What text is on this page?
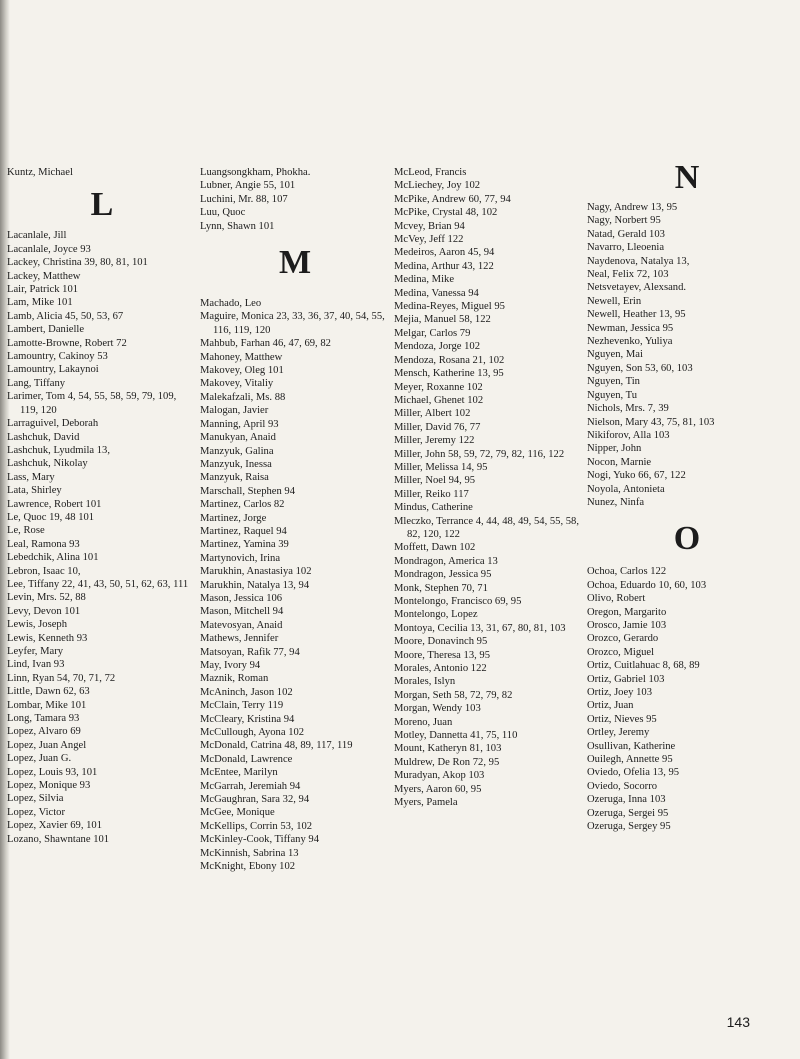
Kuntz, Michael
L
Lacanlale, Jill
Lacanlale, Joyce 93
Lackey, Christina 39, 80, 81, 101
Lackey, Matthew
Lair, Patrick 101
Lam, Mike 101
Lamb, Alicia 45, 50, 53, 67
Lambert, Danielle
Lamotte-Browne, Robert 72
Lamountry, Cakinoy 53
Lamountry, Lakaynoi
Lang, Tiffany
Larimer, Tom 4, 54, 55, 58, 59, 79, 109, 119, 120
Larraguivel, Deborah
Lashchuk, David
Lashchuk, Lyudmila 13,
Lashchuk, Nikolay
Lass, Mary
Lata, Shirley
Lawrence, Robert 101
Le, Quoc 19, 48 101
Le, Rose
Leal, Ramona 93
Lebedchik, Alina 101
Lebron, Isaac 10,
Lee, Tiffany 22, 41, 43, 50, 51, 62, 63, 111
Levin, Mrs. 52, 88
Levy, Devon 101
Lewis, Joseph
Lewis, Kenneth 93
Leyfer, Mary
Lind, Ivan 93
Linn, Ryan 54, 70, 71, 72
Little, Dawn 62, 63
Lombar, Mike 101
Long, Tamara 93
Lopez, Alvaro 69
Lopez, Juan Angel
Lopez, Juan G.
Lopez, Louis 93, 101
Lopez, Monique 93
Lopez, Silvia
Lopez, Victor
Lopez, Xavier 69, 101
Lozano, Shawntane 101
Luangsongkham, Phokha.
Lubner, Angie 55, 101
Luchini, Mr. 88, 107
Luu, Quoc
Lynn, Shawn 101
M
Machado, Leo
Maguire, Monica 23, 33, 36, 37, 40, 54, 55, 116, 119, 120
Mahbub, Farhan 46, 47, 69, 82
Mahoney, Matthew
Makovey, Oleg 101
Makovey, Vitaliy
Malekafzali, Ms. 88
Malogan, Javier
Manning, April 93
Manukyan, Anaid
Manzyuk, Galina
Manzyuk, Inessa
Manzyuk, Raisa
Marschall, Stephen 94
Martinez, Carlos 82
Martinez, Jorge
Martinez, Raquel 94
Martinez, Yamina 39
Martynovich, Irina
Marukhin, Anastasiya 102
Marukhin, Natalya 13, 94
Mason, Jessica 106
Mason, Mitchell 94
Matevosyan, Anaid
Mathews, Jennifer
Matsoyan, Rafik 77, 94
May, Ivory 94
Maznik, Roman
McAninch, Jason 102
McClain, Terry 119
McCleary, Kristina 94
McCullough, Ayona 102
McDonald, Catrina 48, 89, 117, 119
McDonald, Lawrence
McEntee, Marilyn
McGarrah, Jeremiah 94
McGaughran, Sara 32, 94
McGee, Monique
McKellips, Corrin 53, 102
McKinley-Cook, Tiffany 94
McKinnish, Sabrina 13
McKnight, Ebony 102
McLeod, Francis
McLiechey, Joy 102
McPike, Andrew 60, 77, 94
McPike, Crystal 48, 102
Mcvey, Brian 94
McVey, Jeff 122
Medeiros, Aaron 45, 94
Medina, Arthur 43, 122
Medina, Mike
Medina, Vanessa 94
Medina-Reyes, Miguel 95
Mejia, Manuel 58, 122
Melgar, Carlos 79
Mendoza, Jorge 102
Mendoza, Rosana 21, 102
Mensch, Katherine 13, 95
Meyer, Roxanne 102
Michael, Ghenet 102
Miller, Albert 102
Miller, David 76, 77
Miller, Jeremy 122
Miller, John 58, 59, 72, 79, 82, 116, 122
Miller, Melissa 14, 95
Miller, Noel 94, 95
Miller, Reiko 117
Mindus, Catherine
Mleczko, Terrance 4, 44, 48, 49, 54, 55, 58, 82, 120, 122
Moffett, Dawn 102
Mondragon, America 13
Mondragon, Jessica 95
Monk, Stephen 70, 71
Montelongo, Francisco 69, 95
Montelongo, Lopez
Montoya, Cecilia 13, 31, 67, 80, 81, 103
Moore, Donavinch 95
Moore, Theresa 13, 95
Morales, Antonio 122
Morales, Islyn
Morgan, Seth 58, 72, 79, 82
Morgan, Wendy 103
Moreno, Juan
Motley, Dannetta 41, 75, 110
Mount, Katheryn 81, 103
Muldrew, De Ron 72, 95
Muradyan, Akop 103
Myers, Aaron 60, 95
Myers, Pamela
N
Nagy, Andrew 13, 95
Nagy, Norbert 95
Natad, Gerald 103
Navarro, Lleoenia
Naydenova, Natalya 13,
Neal, Felix 72, 103
Netsvetayev, Alexsand.
Newell, Erin
Newell, Heather 13, 95
Newman, Jessica 95
Nezhevenko, Yuliya
Nguyen, Mai
Nguyen, Son 53, 60, 103
Nguyen, Tin
Nguyen, Tu
Nichols, Mrs. 7, 39
Nielson, Mary 43, 75, 81, 103
Nikiforov, Alla 103
Nipper, John
Nocon, Marnie
Nogi, Yuko 66, 67, 122
Noyola, Antonieta
Nunez, Ninfa
O
Ochoa, Carlos 122
Ochoa, Eduardo 10, 60, 103
Olivo, Robert
Oregon, Margarito
Orosco, Jamie 103
Orozco, Gerardo
Orozco, Miguel
Ortiz, Cuitlahuac 8, 68, 89
Ortiz, Gabriel 103
Ortiz, Joey 103
Ortiz, Juan
Ortiz, Nieves 95
Ortley, Jeremy
Osullivan, Katherine
Ouilegh, Annette 95
Oviedo, Ofelia 13, 95
Oviedo, Socorro
Ozeruga, Inna 103
Ozeruga, Sergei 95
Ozeruga, Sergey 95
143
